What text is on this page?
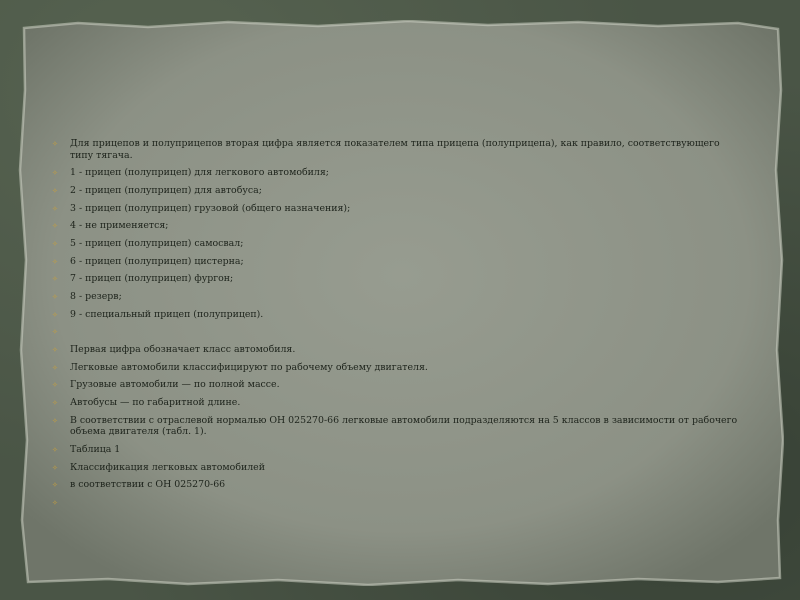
✧ Для прицепов и полуприцепов вторая цифра является показателем типа прицепа (полуприцепа), как правило, соответствующего типу тягача.
✧ 1 - прицеп (полуприцеп) для легкового автомобиля;
✧ 2 - прицеп (полуприцеп) для автобуса;
✧ 3 - прицеп (полуприцеп) грузовой (общего назначения);
✧ 4 - не применяется;
✧ 5 - прицеп (полуприцеп) самосвал;
✧ 6 - прицеп (полуприцеп) цистерна;
✧ 7 - прицеп (полуприцеп) фургон;
✧ 8 - резерв;
✧ 9 - специальный прицеп (полуприцеп).
✧
✧ Первая цифра обозначает класс автомобиля.
✧ Легковые автомобили классифицируют по рабочему объему двигателя.
✧ Грузовые автомобили — по полной массе.
✧ Автобусы — по габаритной длине.
✧ В соответствии с отраслевой нормалью ОН 025270-66 легковые автомобили подразделяются на 5 классов в зависимости от рабочего объема двигателя (табл. 1).
✧ Таблица 1
✧ Классификация легковых автомобилей
✧ в соответствии с ОН 025270-66
✧
